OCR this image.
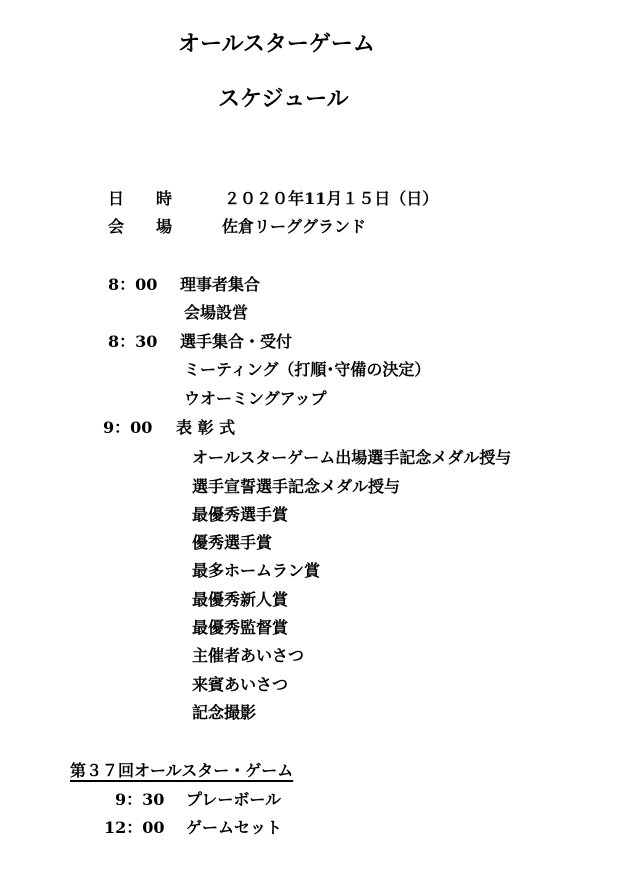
オールスターゲーム
スケジュール
日　　時	２０２０年11月１５日（日）
会　　場	佐倉リーググランド
8：00 理事者集合
会場設営
8：30 選手集合・受付
ミーティング（打順･守備の決定）
ウオーミングアップ
9：00 表 彰 式
オールスターゲーム出場選手記念メダル授与
選手宣誓選手記念メダル授与
最優秀選手賞
優秀選手賞
最多ホームラン賞
最優秀新人賞
最優秀監督賞
主催者あいさつ
来賓あいさつ
記念撮影
第３７回オールスター・ゲーム
9：30 プレーボール
12：00 ゲームセット
